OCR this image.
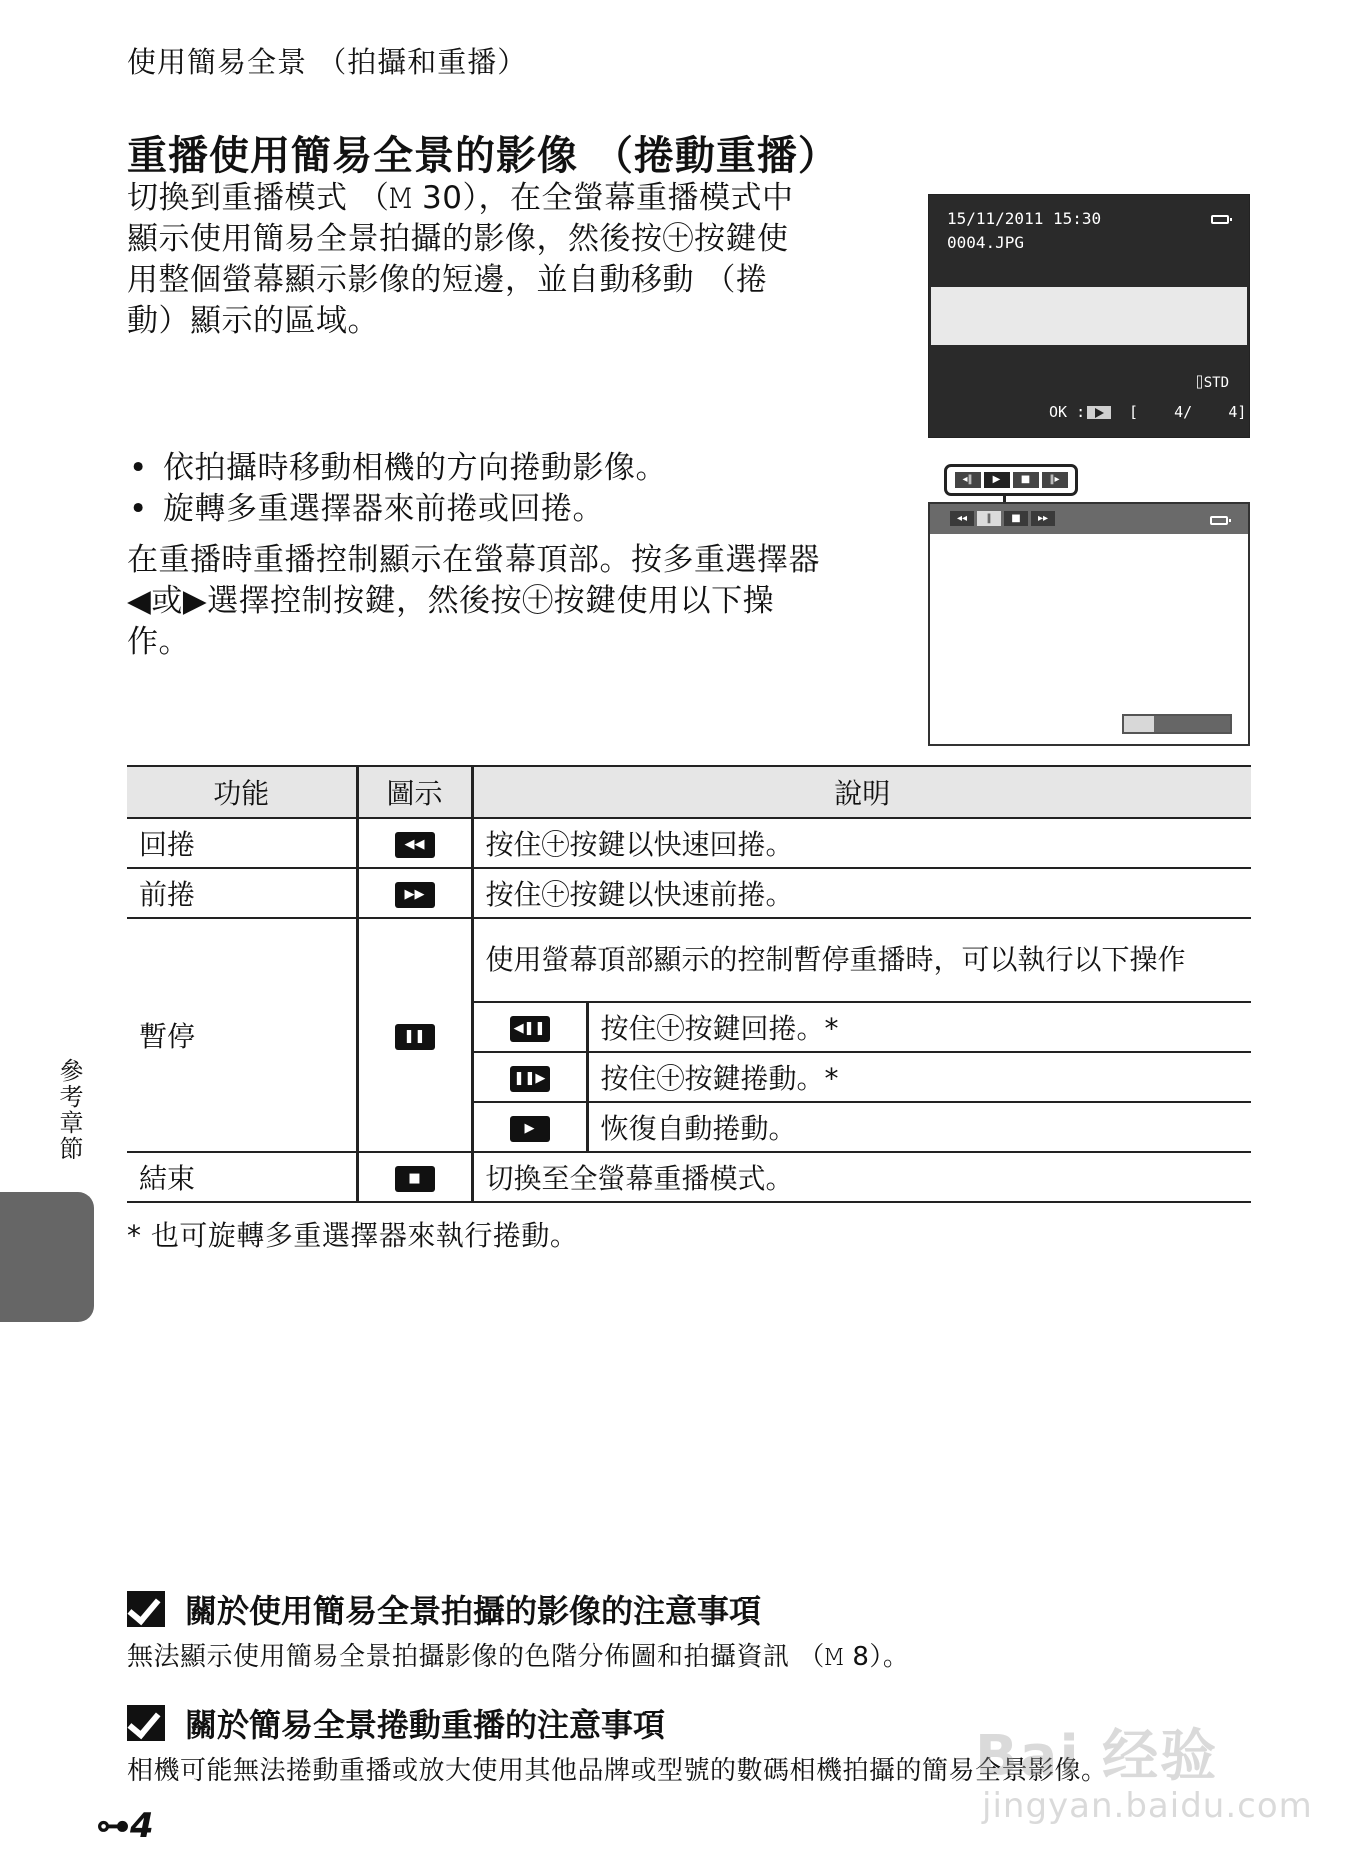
使用簡易全景 （拍攝和重播）
重播使用簡易全景的影像 （捲動重播）
切換到重播模式 （𝙼 30），在全螢幕重播模式中
顯示使用簡易全景拍攝的影像，然後按㊉按鍵使
用整個螢幕顯示影像的短邊，並自動移動 （捲
動）顯示的區域。
• 依拍攝時移動相機的方向捲動影像。
• 旋轉多重選擇器來前捲或回捲。
在重播時重播控制顯示在螢幕頂部。按多重選擇器
◀或▶選擇控制按鍵，然後按㊉按鍵使用以下操
作。
15/11/2011 15:30
0004.JPG
⌷STD
OK :	[    4/    4]
◂‖	▶	■	‖▸
◂◂	‖	■	▸▸
功能	圖示	說明	
回捲	◀◀	按住㊉按鍵以快速回捲。	
前捲	▶▶	按住㊉按鍵以快速前捲。	
暫停	❚❚	使用螢幕頂部顯示的控制暫停重播時，可以執行以下操作	

◀❚❚	按住㊉按鍵回捲。*

❚❚▶	按住㊉按鍵捲動。*

▶	恢復自動捲動。
結束	■	切換至全螢幕重播模式。	
* 也可旋轉多重選擇器來執行捲動。
參考章節
關於使用簡易全景拍攝的影像的注意事項
無法顯示使用簡易全景拍攝影像的色階分佈圖和拍攝資訊 （𝙼 8）。
關於簡易全景捲動重播的注意事項
相機可能無法捲動重播或放大使用其他品牌或型號的數碼相機拍攝的簡易全景影像。
⊶4
Bai 经验
jingyan.baidu.com
